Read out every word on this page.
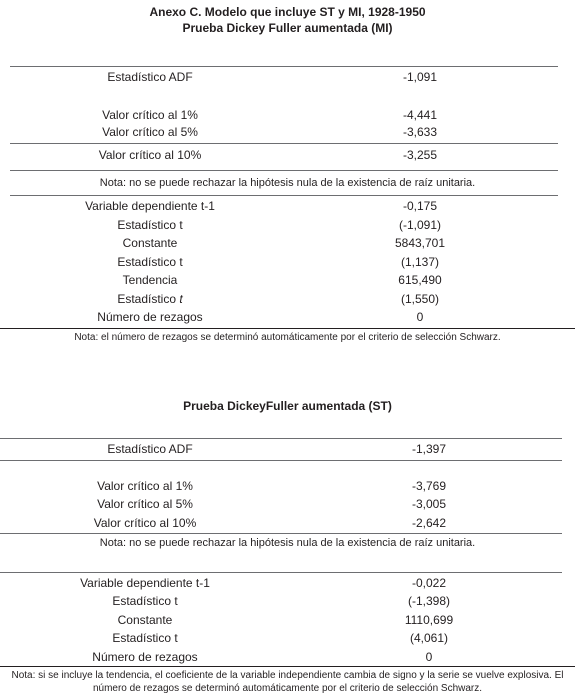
Anexo C. Modelo que incluye ST y MI, 1928-1950
Prueba Dickey Fuller aumentada (MI)
Estadístico ADF	-1,091
Valor crítico al 1%	-4,441
Valor crítico al 5%	-3,633
Valor crítico al 10%	-3,255
Nota: no se puede rechazar la hipótesis nula de la existencia de raíz unitaria.
Variable dependiente t-1	-0,175
Estadístico t	(-1,091)
Constante	5843,701
Estadístico t	(1,137)
Tendencia	615,490
Estadístico t	(1,550)
Número de rezagos	0
Nota: el número de rezagos se determinó automáticamente por el criterio de selección Schwarz.
Prueba DickeyFuller aumentada (ST)
Estadístico ADF	-1,397
Valor crítico al 1%	-3,769
Valor crítico al 5%	-3,005
Valor crítico al 10%	-2,642
Nota: no se puede rechazar la hipótesis nula de la existencia de raíz unitaria.
Variable dependiente t-1	-0,022
Estadístico t	(-1,398)
Constante	1110,699
Estadístico t	(4,061)
Número de rezagos	0
Nota: si se incluye la tendencia, el coeficiente de la variable independiente cambia de signo y la serie se vuelve explosiva. El
número de rezagos se determinó automáticamente por el criterio de selección Schwarz.
